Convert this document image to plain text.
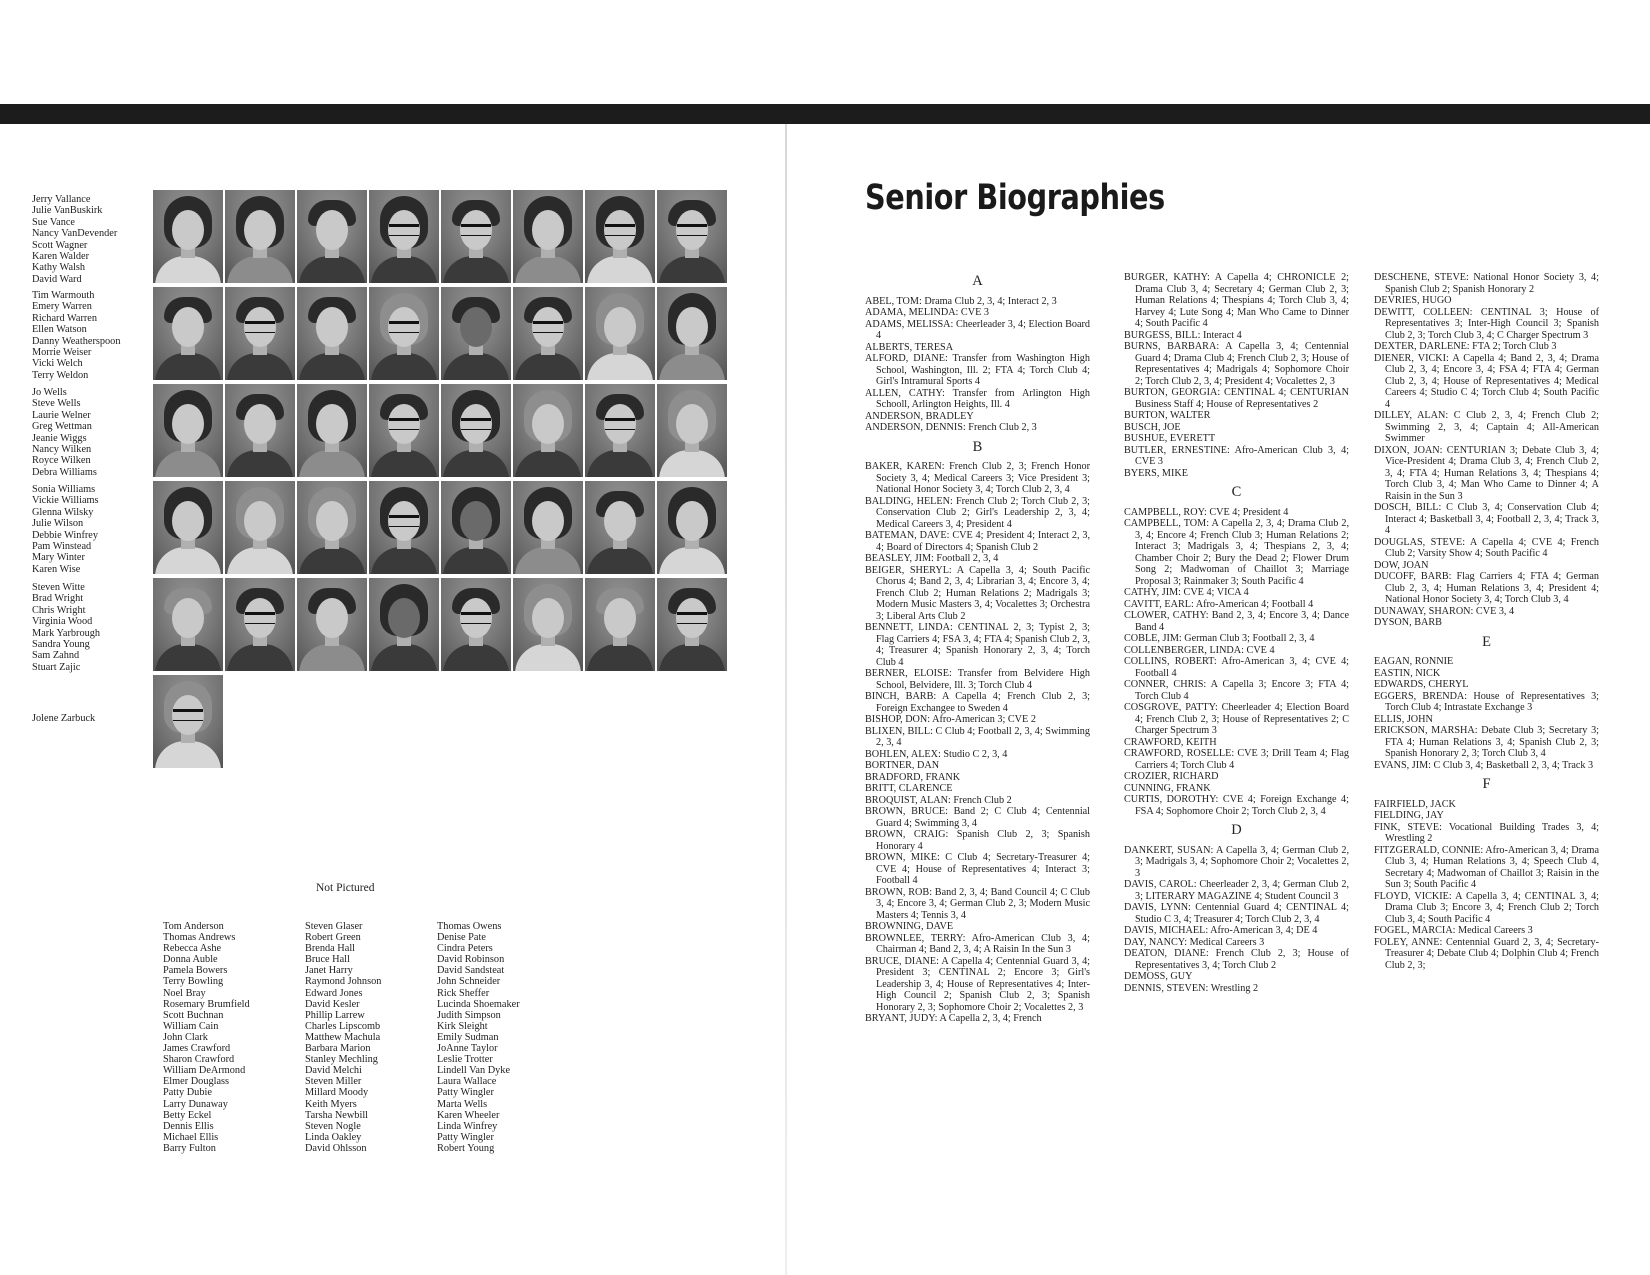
Jerry Vallance
Julie VanBuskirk
Sue Vance
Nancy VanDevender
Scott Wagner
Karen Walder
Kathy Walsh
David Ward
Tim Warmouth
Emery Warren
Richard Warren
Ellen Watson
Danny Weatherspoon
Morrie Weiser
Vicki Welch
Terry Weldon
Jo Wells
Steve Wells
Laurie Welner
Greg Wettman
Jeanie Wiggs
Nancy Wilken
Royce Wilken
Debra Williams
Sonia Williams
Vickie Williams
Glenna Wilsky
Julie Wilson
Debbie Winfrey
Pam Winstead
Mary Winter
Karen Wise
Steven Witte
Brad Wright
Chris Wright
Virginia Wood
Mark Yarbrough
Sandra Young
Sam Zahnd
Stuart Zajic
Jolene Zarbuck
Not Pictured
Tom Anderson
Thomas Andrews
Rebecca Ashe
Donna Auble
Pamela Bowers
Terry Bowling
Noel Bray
Rosemary Brumfield
Scott Buchnan
William Cain
John Clark
James Crawford
Sharon Crawford
William DeArmond
Elmer Douglass
Patty Dubie
Larry Dunaway
Betty Eckel
Dennis Ellis
Michael Ellis
Barry Fulton
Steven Glaser
Robert Green
Brenda Hall
Bruce Hall
Janet Harry
Raymond Johnson
Edward Jones
David Kesler
Phillip Larrew
Charles Lipscomb
Matthew Machula
Barbara Marion
Stanley Mechling
David Melchi
Steven Miller
Millard Moody
Keith Myers
Tarsha Newbill
Steven Nogle
Linda Oakley
David Ohlsson
Thomas Owens
Denise Pate
Cindra Peters
David Robinson
David Sandsteat
John Schneider
Rick Sheffer
Lucinda Shoemaker
Judith Simpson
Kirk Sleight
Emily Sudman
JoAnne Taylor
Leslie Trotter
Lindell Van Dyke
Laura Wallace
Patty Wingler
Marta Wells
Karen Wheeler
Linda Winfrey
Patty Wingler
Robert Young
Senior Biographies
A
ABEL, TOM: Drama Club 2, 3, 4; Interact 2, 3
ADAMA, MELINDA: CVE 3
ADAMS, MELISSA: Cheerleader 3, 4; Election Board 4
ALBERTS, TERESA
ALFORD, DIANE: Transfer from Washington High School, Washington, Ill. 2; FTA 4; Torch Club 4; Girl's Intramural Sports 4
ALLEN, CATHY: Transfer from Arlington High Schooll, Arlington Heights, Ill. 4
ANDERSON, BRADLEY
ANDERSON, DENNIS: French Club 2, 3
B
BAKER, KAREN: French Club 2, 3; French Honor Society 3, 4; Medical Careers 3; Vice President 3; National Honor Society 3, 4; Torch Club 2, 3, 4
BALDING, HELEN: French Club 2; Torch Club 2, 3; Conservation Club 2; Girl's Leadership 2, 3, 4; Medical Careers 3, 4; President 4
BATEMAN, DAVE: CVE 4; President 4; Interact 2, 3, 4; Board of Directors 4; Spanish Club 2
BEASLEY, JIM: Football 2, 3, 4
BEIGER, SHERYL: A Capella 3, 4; South Pacific Chorus 4; Band 2, 3, 4; Librarian 3, 4; Encore 3, 4; French Club 2; Human Relations 2; Madrigals 3; Modern Music Masters 3, 4; Vocalettes 3; Orchestra 3; Liberal Arts Club 2
BENNETT, LINDA: CENTINAL 2, 3; Typist 2, 3; Flag Carriers 4; FSA 3, 4; FTA 4; Spanish Club 2, 3, 4; Treasurer 4; Spanish Honorary 2, 3, 4; Torch Club 4
BERNER, ELOISE: Transfer from Belvidere High School, Belvidere, Ill. 3; Torch Club 4
BINCH, BARB: A Capella 4; French Club 2, 3; Foreign Exchangee to Sweden 4
BISHOP, DON: Afro-American 3; CVE 2
BLIXEN, BILL: C Club 4; Football 2, 3, 4; Swimming 2, 3, 4
BOHLEN, ALEX: Studio C 2, 3, 4
BORTNER, DAN
BRADFORD, FRANK
BRITT, CLARENCE
BROQUIST, ALAN: French Club 2
BROWN, BRUCE: Band 2; C Club 4; Centennial Guard 4; Swimming 3, 4
BROWN, CRAIG: Spanish Club 2, 3; Spanish Honorary 4
BROWN, MIKE: C Club 4; Secretary-Treasurer 4; CVE 4; House of Representatives 4; Interact 3; Football 4
BROWN, ROB: Band 2, 3, 4; Band Council 4; C Club 3, 4; Encore 3, 4; German Club 2, 3; Modern Music Masters 4; Tennis 3, 4
BROWNING, DAVE
BROWNLEE, TERRY: Afro-American Club 3, 4; Chairman 4; Band 2, 3, 4; A Raisin In the Sun 3
BRUCE, DIANE: A Capella 4; Centennial Guard 3, 4; President 3; CENTINAL 2; Encore 3; Girl's Leadership 3, 4; House of Representatives 4; Inter-High Council 2; Spanish Club 2, 3; Spanish Honorary 2, 3; Sophomore Choir 2; Vocalettes 2, 3
BRYANT, JUDY: A Capella 2, 3, 4; French
BURGER, KATHY: A Capella 4; CHRONICLE 2; Drama Club 3, 4; Secretary 4; German Club 2, 3; Human Relations 4; Thespians 4; Torch Club 3, 4; Harvey 4; Lute Song 4; Man Who Came to Dinner 4; South Pacific 4
BURGESS, BILL: Interact 4
BURNS, BARBARA: A Capella 3, 4; Centennial Guard 4; Drama Club 4; French Club 2, 3; House of Representatives 4; Madrigals 4; Sophomore Choir 2; Torch Club 2, 3, 4; President 4; Vocalettes 2, 3
BURTON, GEORGIA: CENTINAL 4; CENTURIAN Business Staff 4; House of Representatives 2
BURTON, WALTER
BUSCH, JOE
BUSHUE, EVERETT
BUTLER, ERNESTINE: Afro-American Club 3, 4; CVE 3
BYERS, MIKE
C
CAMPBELL, ROY: CVE 4; President 4
CAMPBELL, TOM: A Capella 2, 3, 4; Drama Club 2, 3, 4; Encore 4; French Club 3; Human Relations 2; Interact 3; Madrigals 3, 4; Thespians 2, 3, 4; Chamber Choir 2; Bury the Dead 2; Flower Drum Song 2; Madwoman of Chaillot 3; Marriage Proposal 3; Rainmaker 3; South Pacific 4
CATHY, JIM: CVE 4; VICA 4
CAVITT, EARL: Afro-American 4; Football 4
CLOWER, CATHY: Band 2, 3, 4; Encore 3, 4; Dance Band 4
COBLE, JIM: German Club 3; Football 2, 3, 4
COLLENBERGER, LINDA: CVE 4
COLLINS, ROBERT: Afro-American 3, 4; CVE 4; Football 4
CONNER, CHRIS: A Capella 3; Encore 3; FTA 4; Torch Club 4
COSGROVE, PATTY: Cheerleader 4; Election Board 4; French Club 2, 3; House of Representatives 2; C Charger Spectrum 3
CRAWFORD, KEITH
CRAWFORD, ROSELLE: CVE 3; Drill Team 4; Flag Carriers 4; Torch Club 4
CROZIER, RICHARD
CUNNING, FRANK
CURTIS, DOROTHY: CVE 4; Foreign Exchange 4; FSA 4; Sophomore Choir 2; Torch Club 2, 3, 4
D
DANKERT, SUSAN: A Capella 3, 4; German Club 2, 3; Madrigals 3, 4; Sophomore Choir 2; Vocalettes 2, 3
DAVIS, CAROL: Cheerleader 2, 3, 4; German Club 2, 3; LITERARY MAGAZINE 4; Student Council 3
DAVIS, LYNN: Centennial Guard 4; CENTINAL 4; Studio C 3, 4; Treasurer 4; Torch Club 2, 3, 4
DAVIS, MICHAEL: Afro-American 3, 4; DE 4
DAY, NANCY: Medical Careers 3
DEATON, DIANE: French Club 2, 3; House of Representatives 3, 4; Torch Club 2
DEMOSS, GUY
DENNIS, STEVEN: Wrestling 2
DESCHENE, STEVE: National Honor Society 3, 4; Spanish Club 2; Spanish Honorary 2
DEVRIES, HUGO
DEWITT, COLLEEN: CENTINAL 3; House of Representatives 3; Inter-High Council 3; Spanish Club 2, 3; Torch Club 3, 4; C Charger Spectrum 3
DEXTER, DARLENE: FTA 2; Torch Club 3
DIENER, VICKI: A Capella 4; Band 2, 3, 4; Drama Club 2, 3, 4; Encore 3, 4; FSA 4; FTA 4; German Club 2, 3, 4; House of Representatives 4; Medical Careers 4; Studio C 4; Torch Club 4; South Pacific 4
DILLEY, ALAN: C Club 2, 3, 4; French Club 2; Swimming 2, 3, 4; Captain 4; All-American Swimmer
DIXON, JOAN: CENTURIAN 3; Debate Club 3, 4; Vice-President 4; Drama Club 3, 4; French Club 2, 3, 4; FTA 4; Human Relations 3, 4; Thespians 4; Torch Club 3, 4; Man Who Came to Dinner 4; A Raisin in the Sun 3
DOSCH, BILL: C Club 3, 4; Conservation Club 4; Interact 4; Basketball 3, 4; Football 2, 3, 4; Track 3, 4
DOUGLAS, STEVE: A Capella 4; CVE 4; French Club 2; Varsity Show 4; South Pacific 4
DOW, JOAN
DUCOFF, BARB: Flag Carriers 4; FTA 4; German Club 2, 3, 4; Human Relations 3, 4; President 4; National Honor Society 3, 4; Torch Club 3, 4
DUNAWAY, SHARON: CVE 3, 4
DYSON, BARB
E
EAGAN, RONNIE
EASTIN, NICK
EDWARDS, CHERYL
EGGERS, BRENDA: House of Representatives 3; Torch Club 4; Intrastate Exchange 3
ELLIS, JOHN
ERICKSON, MARSHA: Debate Club 3; Secretary 3; FTA 4; Human Relations 3, 4; Spanish Club 2, 3; Spanish Honorary 2, 3; Torch Club 3, 4
EVANS, JIM: C Club 3, 4; Basketball 2, 3, 4; Track 3
F
FAIRFIELD, JACK
FIELDING, JAY
FINK, STEVE: Vocational Building Trades 3, 4; Wrestling 2
FITZGERALD, CONNIE: Afro-American 3, 4; Drama Club 3, 4; Human Relations 3, 4; Speech Club 4, Secretary 4; Madwoman of Chaillot 3; Raisin in the Sun 3; South Pacific 4
FLOYD, VICKIE: A Capella 3, 4; CENTINAL 3, 4; Drama Club 3; Encore 3, 4; French Club 2; Torch Club 3, 4; South Pacific 4
FOGEL, MARCIA: Medical Careers 3
FOLEY, ANNE: Centennial Guard 2, 3, 4; Secretary-Treasurer 4; Debate Club 4; Dolphin Club 4; French Club 2, 3;
